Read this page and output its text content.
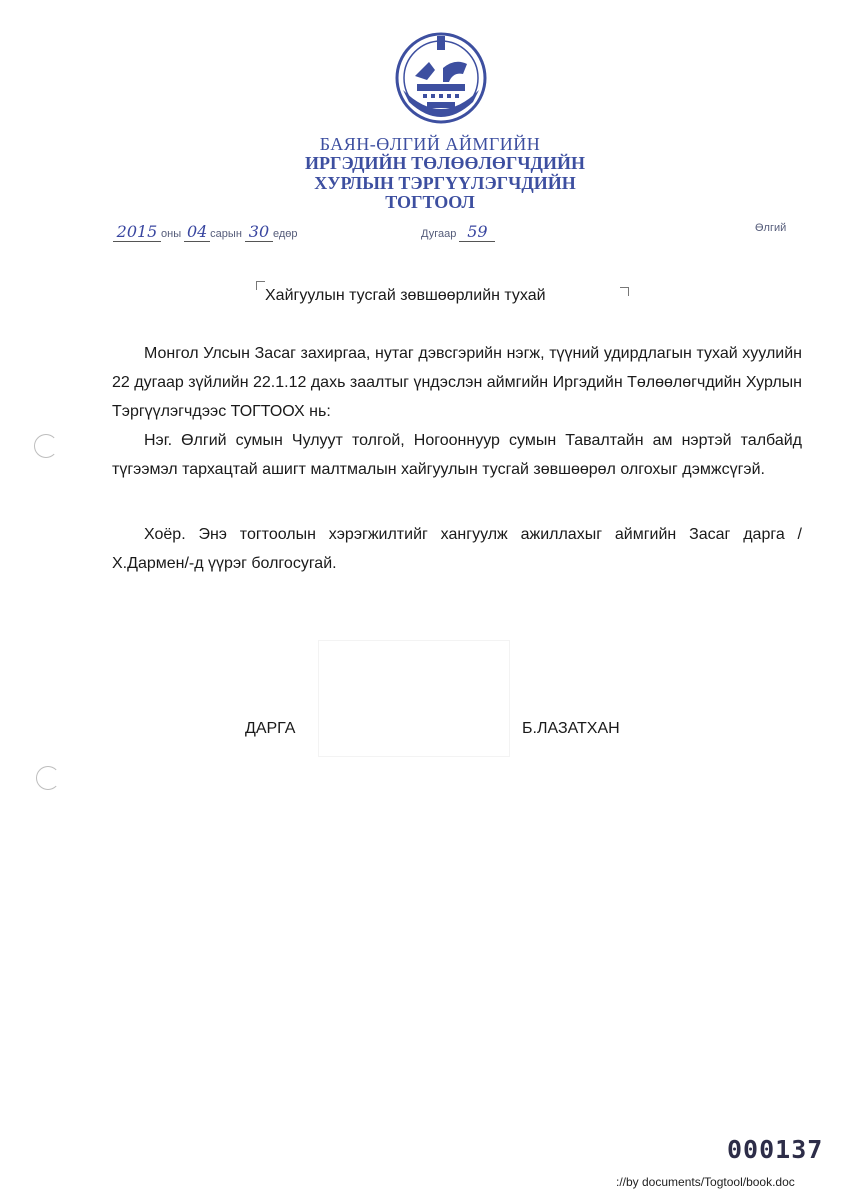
БАЯН-ӨЛГИЙ АЙМГИЙН
ИРГЭДИЙН ТӨЛӨӨЛӨГЧДИЙН
ХУРЛЫН ТЭРГҮҮЛЭГЧДИЙН
ТОГТООЛ
2015 оны 04 сарын 30 едөр	Дугаар 59	Өлгий
Хайгуулын тусгай зөвшөөрлийн тухай
Монгол Улсын Засаг захиргаа, нутаг дэвсгэрийн нэгж, түүний удирдлагын тухай хуулийн 22 дугаар зүйлийн 22.1.12 дахь заалтыг үндэслэн аймгийн Иргэдийн Төлөөлөгчдийн Хурлын Тэргүүлэгчдээс ТОГТООХ нь:
Нэг. Өлгий сумын Чулуут толгой, Ногооннуур сумын Тавалтайн ам нэртэй талбайд түгээмэл тархацтай ашигт малтмалын хайгуулын тусгай зөвшөөрөл олгохыг дэмжсүгэй.
Хоёр. Энэ тогтоолын хэрэгжилтийг хангуулж ажиллахыг аймгийн Засаг дарга /Х.Дармен/-д үүрэг болгосугай.
ДАРГА	Б.ЛАЗАТХАН
000137
://by documents/Togtool/book.doc
